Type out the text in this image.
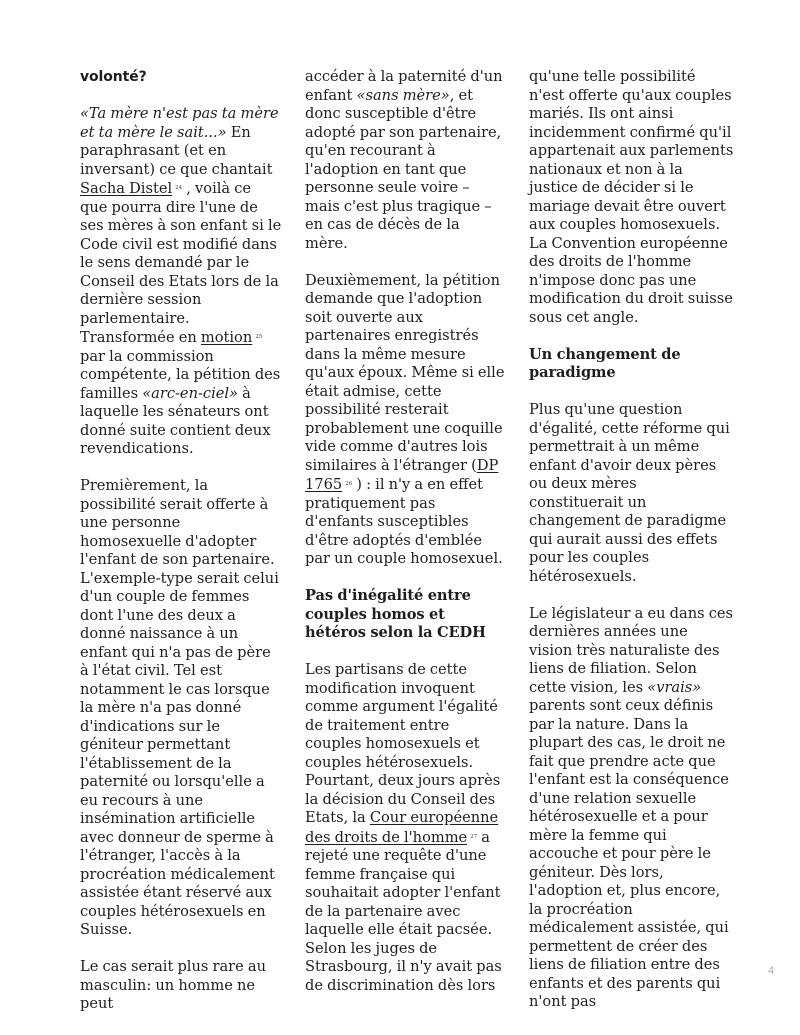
volonté?

«Ta mère n'est pas ta mère et ta mère le sait...» En paraphrasant (et en inversant) ce que chantait Sacha Distel $^{24}$ , voilà ce que pourra dire l'une de ses mères à son enfant si le Code civil est modifié dans le sens demandé par le Conseil des Etats lors de la dernière session parlementaire. Transformée en motion $^{25}$ par la commission compétente, la pétition des familles «arc-en-ciel» à laquelle les sénateurs ont donné suite contient deux revendications.

Premièrement, la possibilité serait offerte à une personne homosexuelle d'adopter l'enfant de son partenaire. L'exemple-type serait celui d'un couple de femmes dont l'une des deux a donné naissance à un enfant qui n'a pas de père à l'état civil. Tel est notamment le cas lorsque la mère n'a pas donné d'indications sur le géniteur permettant l'établissement de la paternité ou lorsqu'elle a eu recours à une insémination artificielle avec donneur de sperme à l'étranger, l'accès à la procréation médicalement assistée étant réservé aux couples hétérosexuels en Suisse.

Le cas serait plus rare au masculin: un homme ne peut

accéder à la paternité d'un enfant «sans mère», et donc susceptible d'être adopté par son partenaire, qu'en recourant à l'adoption en tant que personne seule voire – mais c'est plus tragique – en cas de décès de la mère.

Deuxièmement, la pétition demande que l'adoption soit ouverte aux partenaires enregistrés dans la même mesure qu'aux époux. Même si elle était admise, cette possibilité resterait probablement une coquille vide comme d'autres lois similaires à l'étranger (DP 1765 $^{26}$ ) : il n'y a en effet pratiquement pas d'enfants susceptibles d'être adoptés d'emblée par un couple homosexuel.

Pas d'inégalité entre couples homos et hétéros selon la CEDH

Les partisans de cette modification invoquent comme argument l'égalité de traitement entre couples homosexuels et couples hétérosexuels. Pourtant, deux jours après la décision du Conseil des Etats, la Cour européenne des droits de l'homme $^{27}$ a rejeté une requête d'une femme française qui souhaitait adopter l'enfant de la partenaire avec laquelle elle était pacsée. Selon les juges de Strasbourg, il n'y avait pas de discrimination dès lors

qu'une telle possibilité n'est offerte qu'aux couples mariés. Ils ont ainsi incidemment confirmé qu'il appartenait aux parlements nationaux et non à la justice de décider si le mariage devait être ouvert aux couples homosexuels. La Convention européenne des droits de l'homme n'impose donc pas une modification du droit suisse sous cet angle.

Un changement de paradigme

Plus qu'une question d'égalité, cette réforme qui permettrait à un même enfant d'avoir deux pères ou deux mères constituerait un changement de paradigme qui aurait aussi des effets pour les couples hétérosexuels.

Le législateur a eu dans ces dernières années une vision très naturaliste des liens de filiation. Selon cette vision, les «vrais» parents sont ceux définis par la nature. Dans la plupart des cas, le droit ne fait que prendre acte que l'enfant est la conséquence d'une relation sexuelle hétérosexuelle et a pour mère la femme qui accouche et pour père le géniteur. Dès lors, l'adoption et, plus encore, la procréation médicalement assistée, qui permettent de créer des liens de filiation entre des enfants et des parents qui n'ont pas

4
